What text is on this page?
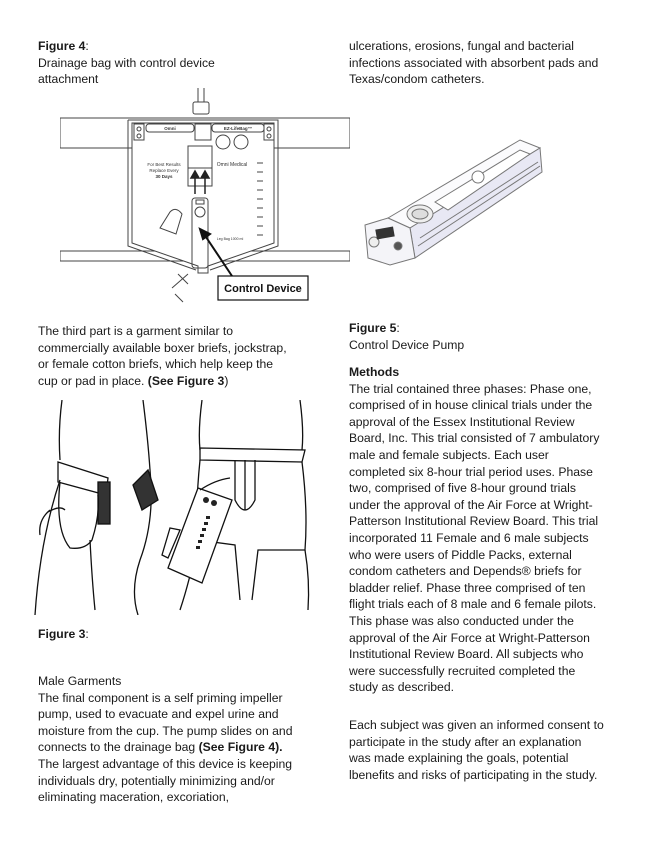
Figure 4:

Drainage bag with control device

attachment

Omni	EZ-LifeBag™
For Best Results
Replace Every
30 Days
Omni Medical
Leg Bag 1000 ml
Control Device

The third part is a garment similar to

commercially available boxer briefs, jockstrap,

or female cotton briefs, which help keep the

cup or pad in place. (See Figure 3)

Figure 3:

Male Garments

The final component is a self priming impeller

pump, used to evacuate and expel urine and

moisture from the cup. The pump slides on and

connects to the drainage bag (See Figure 4).

The largest advantage of this device is keeping

individuals dry, potentially minimizing and/or

eliminating maceration, excoriation,

ulcerations, erosions, fungal and bacterial

infections associated with absorbent pads and

Texas/condom catheters.

Figure 5:

Control Device Pump

Methods

The trial contained three phases: Phase one,

comprised of in house clinical trials under the

approval of the Essex Institutional Review

Board, Inc. This trial consisted of 7 ambulatory

male and female subjects. Each user

completed six 8-hour trial period uses. Phase

two, comprised of five 8-hour ground trials

under the approval of the Air Force at Wright-

Patterson Institutional Review Board. This trial

incorporated 11 Female and 6 male subjects

who were users of Piddle Packs, external

condom catheters and Depends® briefs for

bladder relief. Phase three comprised of ten

flight trials each of 8 male and 6 female pilots.

This phase was also conducted under the

approval of the Air Force at Wright-Patterson

Institutional Review Board. All subjects who

were successfully recruited completed the

study as described.

Each subject was given an informed consent to

participate in the study after an explanation

was made explaining the goals, potential

lbenefits and risks of participating in the study.
